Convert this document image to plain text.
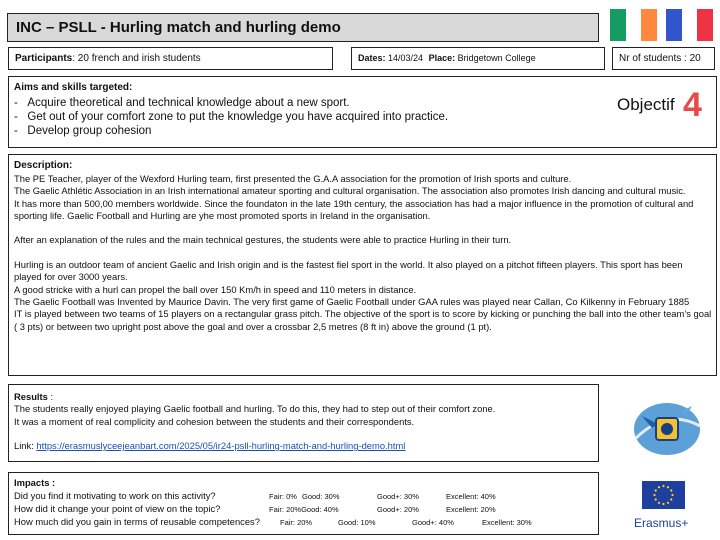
INC – PSLL - Hurling match and hurling demo
Participants: 20 french and irish students	Dates: 14/03/24 Place: Bridgetown College	Nr of students : 20
Aims and skills targeted:
-   Acquire theoretical and technical knowledge about a new sport.
-   Get out of your comfort zone to put the knowledge you have acquired into practice.
-   Develop group cohesion
Objectif 4
Description:

The PE Teacher, player of the Wexford Hurling team, first presented the G.A.A association for the promotion of Irish sports and culture.

The Gaelic Athlétic Association in an Irish international amateur sporting and cultural organisation. The association also promotes Irish dancing and cultural music.

It has more than 500,00 members worldwide. Since the foundaton in the late 19th century, the association has had a major influence in the promotion of cultural and sporting life. Gaelic Football and Hurling are yhe most promoted sports in Ireland in the organisation.

After an explanation of the rules and the main technical gestures, the students were able to practice Hurling in their turn.

Hurling is an outdoor team of ancient Gaelic and Irish origin and is the fastest fiel sport in the world. It also played on a pitchot fifteen players. This sport has been played for over 3000 years.

A good stricke with a hurl can propel the ball over 150 Km/h in speed and 110 meters in distance.

The Gaelic Football was Invented by Maurice Davin. The very first game of Gaelic Football under GAA rules was played near Callan, Co Kilkenny in February 1885

IT is played between two teams of 15 players on a rectangular grass pitch. The objective of the sport is to score by kicking or punching the ball into the other team’s goal ( 3 pts) or between two upright post above the goal and over a crossbar 2,5 metres (8 ft in) above the ground (1 pt).

Results :
The students really enjoyed playing Gaelic football and hurling. To do this, they had to step out of their comfort zone.
It was a moment of real complicity and cohesion between the students and their correspondents.
Link: https://erasmuslyceejeanbart.com/2025/05/ir24-psll-hurling-match-and-hurling-demo.html
Impacts :
Did you find it motivating to work on this activity?	Fair: 0% Good: 30%	Good+: 30%	Excellent: 40%
How did it change your point of view on the topic?	Fair: 20%Good: 40%	Good+: 20%	Excellent: 20%
How much did you gain in terms of reusable competences?	Fair: 20%	Good: 10%	Good+: 40%	Excellent: 30%	Erasmus+
